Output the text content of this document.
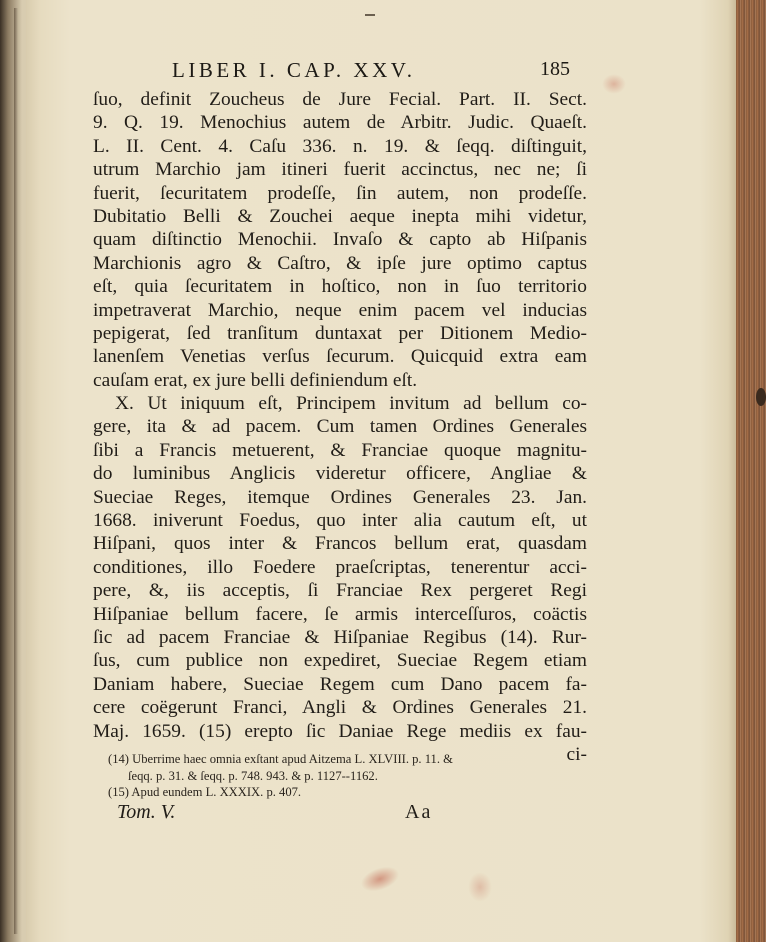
LIBER I. CAP. XXV.	185
ſuo, definit Zoucheus de Jure Fecial. Part. II. Sect.
9. Q. 19. Menochius autem de Arbitr. Judic. Quaeſt.
L. II. Cent. 4. Caſu 336. n. 19. & ſeqq. diſtinguit,
utrum Marchio jam itineri fuerit accinctus, nec ne; ſi
fuerit, ſecuritatem prodeſſe, ſin autem, non prodeſſe.
Dubitatio Belli & Zouchei aeque inepta mihi videtur,
quam diſtinctio Menochii. Invaſo & capto ab Hiſpanis
Marchionis agro & Caſtro, & ipſe jure optimo captus
eſt, quia ſecuritatem in hoſtico, non in ſuo territorio
impetraverat Marchio, neque enim pacem vel inducias
pepigerat, ſed tranſitum duntaxat per Ditionem Medio-
lanenſem Venetias verſus ſecurum. Quicquid extra eam
cauſam erat, ex jure belli definiendum eſt.
X. Ut iniquum eſt, Principem invitum ad bellum co-
gere, ita & ad pacem. Cum tamen Ordines Generales
ſibi a Francis metuerent, & Franciae quoque magnitu-
do luminibus Anglicis videretur officere, Angliae &
Sueciae Reges, itemque Ordines Generales 23. Jan.
1668. iniverunt Foedus, quo inter alia cautum eſt, ut
Hiſpani, quos inter & Francos bellum erat, quasdam
conditiones, illo Foedere praeſcriptas, tenerentur acci-
pere, &, iis acceptis, ſi Franciae Rex pergeret Regi
Hiſpaniae bellum facere, ſe armis interceſſuros, coäctis
ſic ad pacem Franciae & Hiſpaniae Regibus (14). Rur-
ſus, cum publice non expediret, Sueciae Regem etiam
Daniam habere, Sueciae Regem cum Dano pacem fa-
cere coëgerunt Franci, Angli & Ordines Generales 21.
Maj. 1659. (15) erepto ſic Daniae Rege mediis ex fau-
ci-
(14) Uberrime haec omnia exſtant apud Aitzema L. XLVIII. p. 11. &
ſeqq. p. 31. & ſeqq. p. 748. 943. & p. 1127--1162.
(15) Apud eundem L. XXXIX. p. 407.
Tom. V.	Aa
